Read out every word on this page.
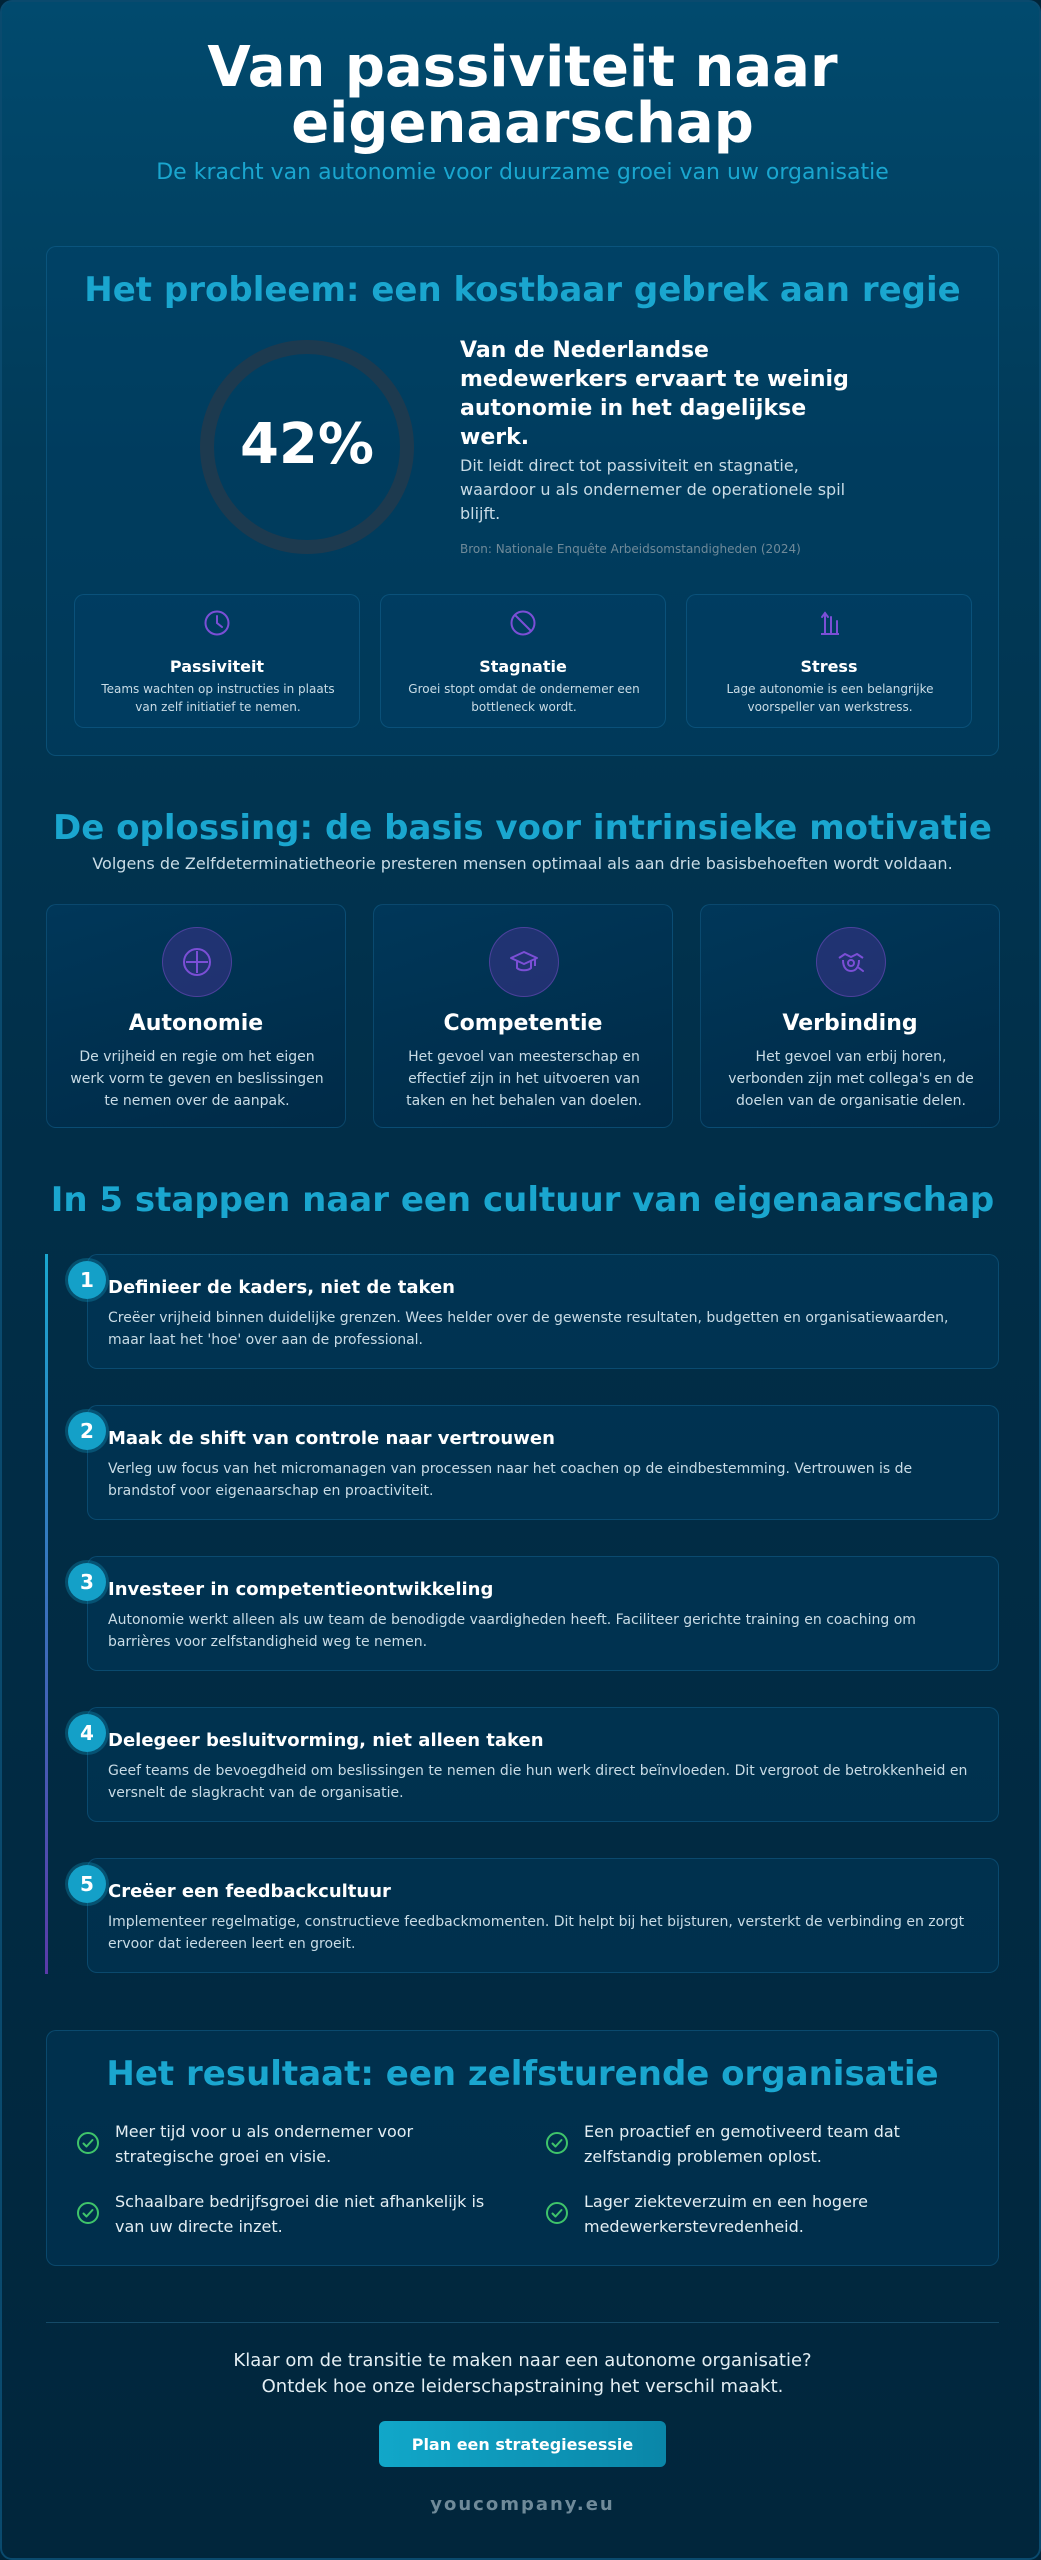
Van passiviteit naar eigenaarschap

De kracht van autonomie voor duurzame groei van uw organisatie

Het probleem: een kostbaar gebrek aan regie
42%
Van de Nederlandse medewerkers ervaart te weinig autonomie in het dagelijkse werk.
Dit leidt direct tot passiviteit en stagnatie, waardoor u als ondernemer de operationele spil blijft.
Bron: Nationale Enquête Arbeidsomstandigheden (2024)
Passiviteit
Teams wachten op instructies in plaats van zelf initiatief te nemen.
Stagnatie
Groei stopt omdat de ondernemer een bottleneck wordt.
Stress
Lage autonomie is een belangrijke voorspeller van werkstress.
De oplossing: de basis voor intrinsieke motivatie

Volgens de Zelfdeterminatietheorie presteren mensen optimaal als aan drie basisbehoeften wordt voldaan.

Autonomie
De vrijheid en regie om het eigen werk vorm te geven en beslissingen te nemen over de aanpak.
Competentie
Het gevoel van meesterschap en effectief zijn in het uitvoeren van taken en het behalen van doelen.
Verbinding
Het gevoel van erbij horen, verbonden zijn met collega's en de doelen van de organisatie delen.
In 5 stappen naar een cultuur van eigenaarschap
Definieer de kaders, niet de taken
Creëer vrijheid binnen duidelijke grenzen. Wees helder over de gewenste resultaten, budgetten en organisatiewaarden, maar laat het 'hoe' over aan de professional.
1
Maak de shift van controle naar vertrouwen
Verleg uw focus van het micromanagen van processen naar het coachen op de eindbestemming. Vertrouwen is de brandstof voor eigenaarschap en proactiviteit.
2
Investeer in competentieontwikkeling
Autonomie werkt alleen als uw team de benodigde vaardigheden heeft. Faciliteer gerichte training en coaching om barrières voor zelfstandigheid weg te nemen.
3
Delegeer besluitvorming, niet alleen taken
Geef teams de bevoegdheid om beslissingen te nemen die hun werk direct beïnvloeden. Dit vergroot de betrokkenheid en versnelt de slagkracht van de organisatie.
4
Creëer een feedbackcultuur
Implementeer regelmatige, constructieve feedbackmomenten. Dit helpt bij het bijsturen, versterkt de verbinding en zorgt ervoor dat iedereen leert en groeit.
5
Het resultaat: een zelfsturende organisatie
Meer tijd voor u als ondernemer voor strategische groei en visie.
Een proactief en gemotiveerd team dat zelfstandig problemen oplost.
Schaalbare bedrijfsgroei die niet afhankelijk is van uw directe inzet.
Lager ziekteverzuim en een hogere medewerkerstevredenheid.
Klaar om de transitie te maken naar een autonome organisatie?
Ontdek hoe onze leiderschapstraining het verschil maakt.
Plan een strategiesessie
youcompany.eu
